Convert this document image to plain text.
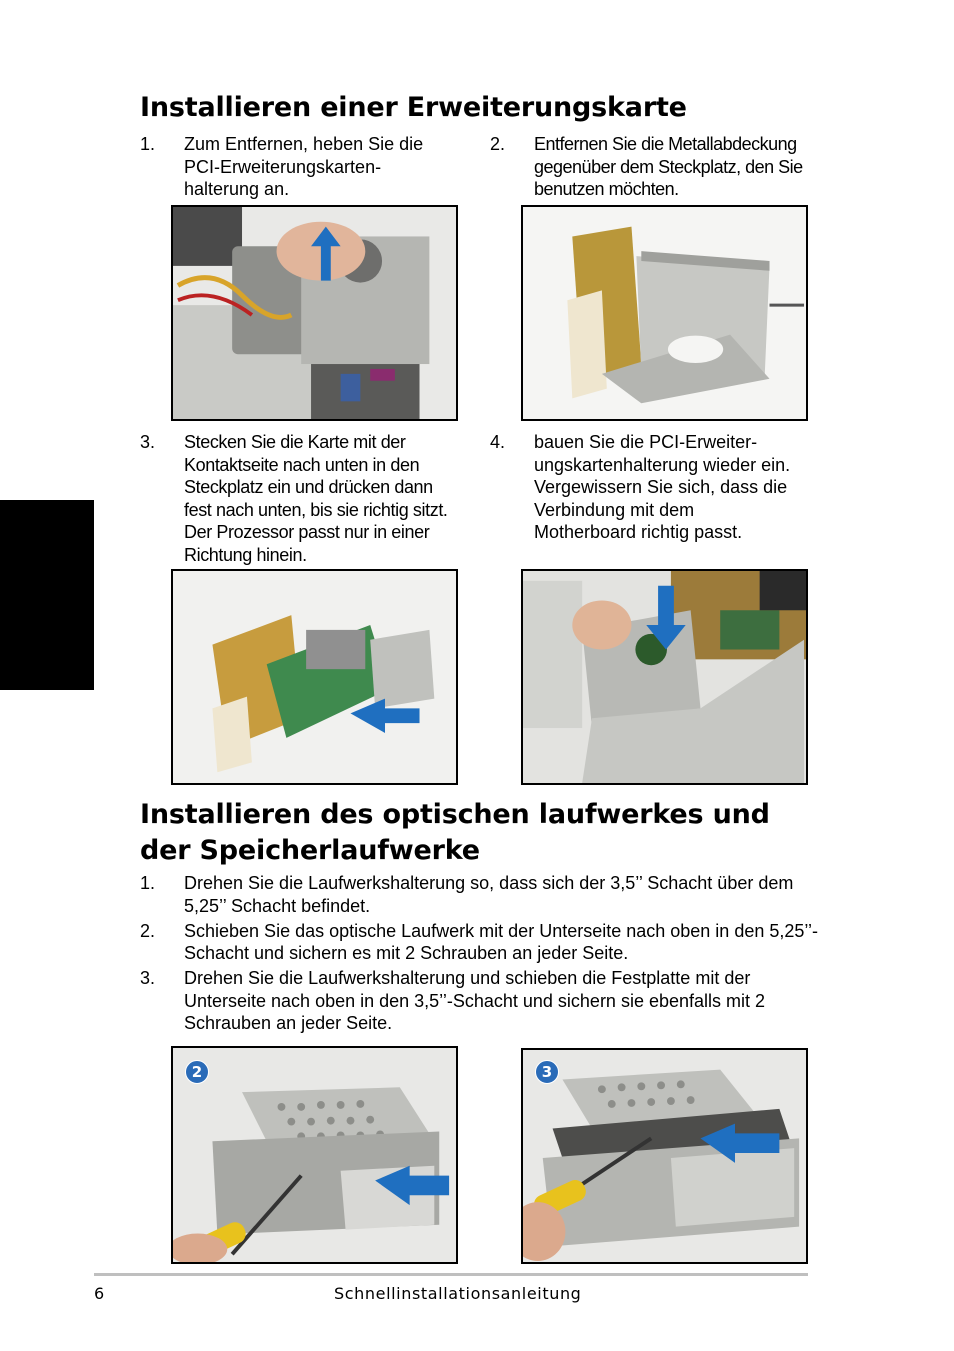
Installieren einer Erweiterungskarte
1. Zum Entfernen, heben Sie die PCI-Erweiterungskarten-halterung an.
2. Entfernen Sie die Metallabdeckung gegenüber dem Steckplatz, den Sie benutzen möchten.
3. Stecken Sie die Karte mit der Kontaktseite nach unten in den Steckplatz ein und drücken dann fest nach unten, bis sie richtig sitzt. Der Prozessor passt nur in einer Richtung hinein.
4. bauen Sie die PCI-Erweiter-ungskartenhalterung wieder ein. Vergewissern Sie sich, dass die Verbindung mit dem Motherboard richtig passt.
Installieren des optischen laufwerkes und der Speicherlaufwerke
1. Drehen Sie die Laufwerkshalterung so, dass sich der 3,5’’ Schacht über dem 5,25’’ Schacht befindet.
2. Schieben Sie das optische Laufwerk mit der Unterseite nach oben in den 5,25’’-Schacht und sichern es mit 2 Schrauben an jeder Seite.
3. Drehen Sie die Laufwerkshalterung und schieben die Festplatte mit der Unterseite nach oben in den 3,5’’-Schacht und sichern sie ebenfalls mit 2 Schrauben an jeder Seite.
2	3
6	Schnellinstallationsanleitung
